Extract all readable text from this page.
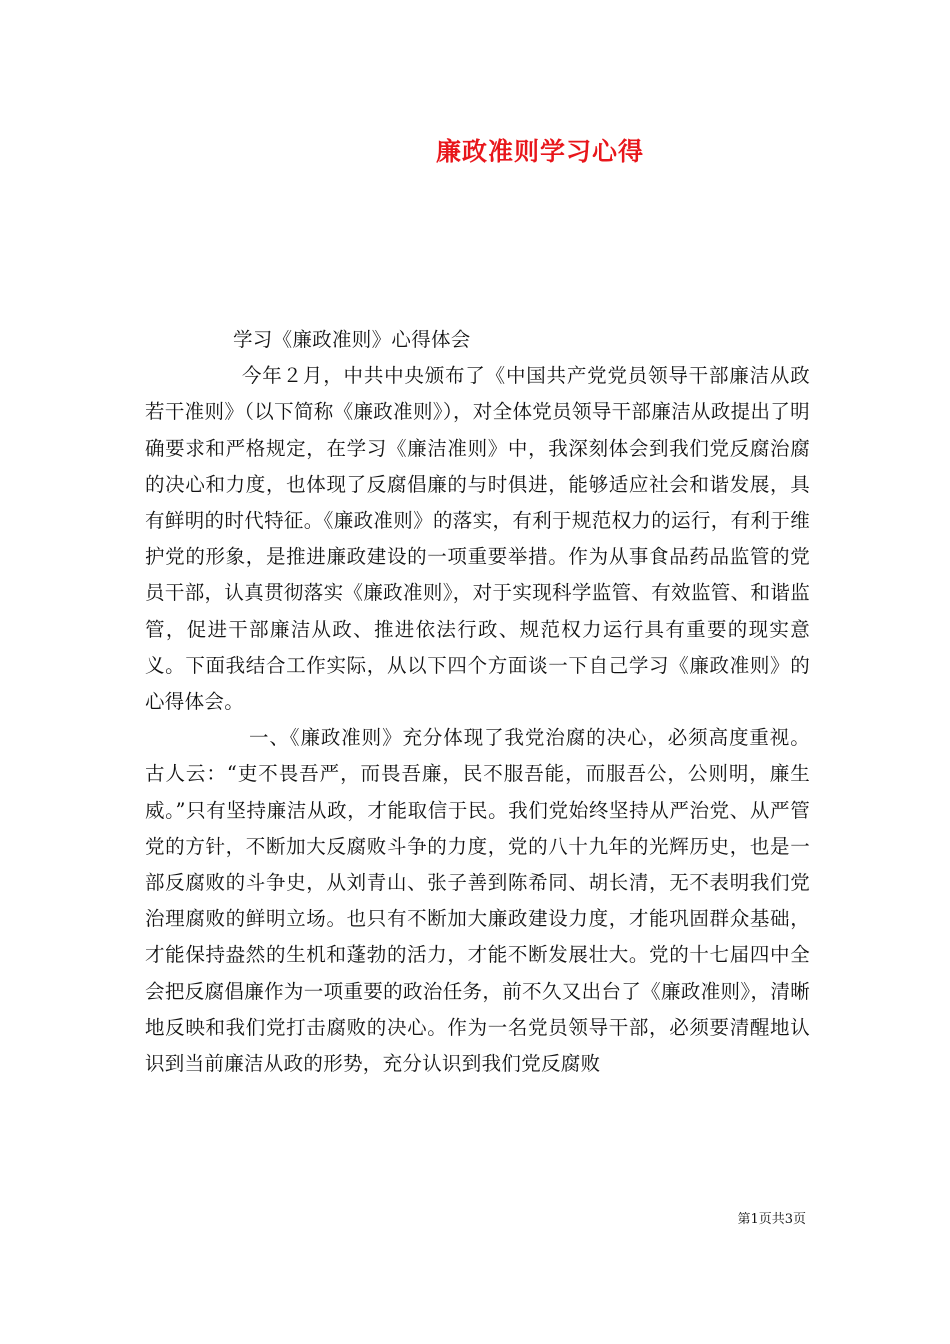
廉政准则学习心得

学习《廉政准则》心得体会

今年２月，中共中央颁布了《中国共产党党员领导干部廉洁从政若干准则》（以下简称《廉政准则》），对全体党员领导干部廉洁从政提出了明确要求和严格规定，在学习《廉洁准则》中，我深刻体会到我们党反腐治腐的决心和力度，也体现了反腐倡廉的与时俱进，能够适应社会和谐发展，具有鲜明的时代特征。《廉政准则》的落实，有利于规范权力的运行，有利于维护党的形象，是推进廉政建设的一项重要举措。作为从事食品药品监管的党员干部，认真贯彻落实《廉政准则》，对于实现科学监管、有效监管、和谐监管，促进干部廉洁从政、推进依法行政、规范权力运行具有重要的现实意义。下面我结合工作实际，从以下四个方面谈一下自己学习《廉政准则》的心得体会。

一、《廉政准则》充分体现了我党治腐的决心，必须高度重视。古人云：“吏不畏吾严，而畏吾廉，民不服吾能，而服吾公，公则明，廉生威。”只有坚持廉洁从政，才能取信于民。我们党始终坚持从严治党、从严管党的方针，不断加大反腐败斗争的力度，党的八十九年的光辉历史，也是一部反腐败的斗争史，从刘青山、张子善到陈希同、胡长清，无不表明我们党治理腐败的鲜明立场。也只有不断加大廉政建设力度，才能巩固群众基础，才能保持盎然的生机和蓬勃的活力，才能不断发展壮大。党的十七届四中全会把反腐倡廉作为一项重要的政治任务，前不久又出台了《廉政准则》，清晰地反映和我们党打击腐败的决心。作为一名党员领导干部，必须要清醒地认识到当前廉洁从政的形势，充分认识到我们党反腐败

第1页共3页
